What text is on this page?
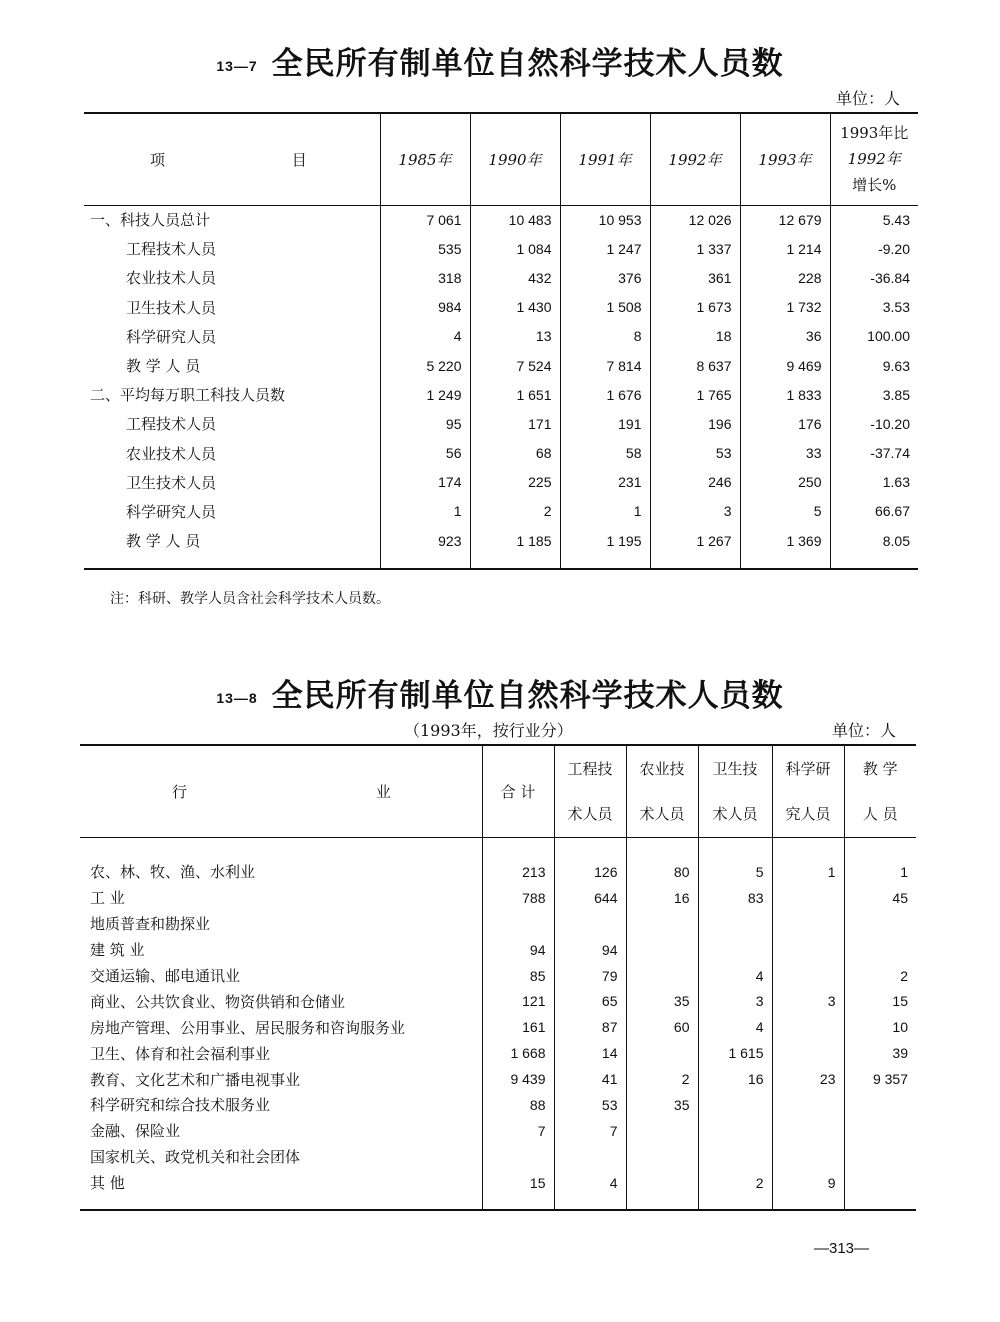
13—7 全民所有制单位自然科学技术人员数
单位：人
项 目	1985年	1990年	1991年	1992年	1993年	1993年比
1992年
增长%

一、科技人员总计	7 061	10 483	10 953	12 026	12 679	5.43
工程技术人员	535	1 084	1 247	1 337	1 214	-9.20
农业技术人员	318	432	376	361	228	-36.84
卫生技术人员	984	1 430	1 508	1 673	1 732	3.53
科学研究人员	4	13	8	18	36	100.00
教 学 人 员	5 220	7 524	7 814	8 637	9 469	9.63
二、平均每万职工科技人员数	1 249	1 651	1 676	1 765	1 833	3.85
工程技术人员	95	171	191	196	176	-10.20
农业技术人员	56	68	58	53	33	-37.74
卫生技术人员	174	225	231	246	250	1.63
科学研究人员	1	2	1	3	5	66.67
教 学 人 员	923	1 185	1 195	1 267	1 369	8.05

13—8 全民所有制单位自然科学技术人员数
（1993年，按行业分）	单位：人
行 业	合 计	工程技	农业技	卫生技	科学研	教 学
		术人员	术人员	术人员	究人员	人 员

农、林、牧、渔、水利业	213	126	80	5	1	1
工 业	788	644	16	83		45
地质普查和勘探业						
建 筑 业	94	94				
交通运输、邮电通讯业	85	79		4		2
商业、公共饮食业、物资供销和仓储业	121	65	35	3	3	15
房地产管理、公用事业、居民服务和咨询服务业	161	87	60	4		10
卫生、体育和社会福利事业	1 668	14		1 615		39
教育、文化艺术和广播电视事业	9 439	41	2	16	23	9 357
科学研究和综合技术服务业	88	53	35			
金融、保险业	7	7				
国家机关、政党机关和社会团体						
其 他	15	4		2	9	

注：科研、教学人员含社会科学技术人员数。
—313—
